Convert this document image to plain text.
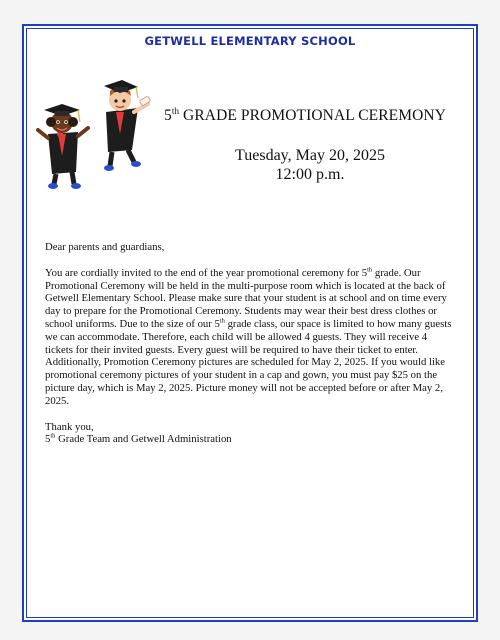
GETWELL ELEMENTARY SCHOOL
5th GRADE PROMOTIONAL CEREMONY
Tuesday, May 20, 2025
12:00 p.m.

Dear parents and guardians,

You are cordially invited to the end of the year promotional ceremony for 5th grade. Our Promotional Ceremony will be held in the multi-purpose room which is located at the back of Getwell Elementary School. Please make sure that your student is at school and on time every day to prepare for the Promotional Ceremony. Students may wear their best dress clothes or school uniforms. Due to the size of our 5th grade class, our space is limited to how many guests we can accommodate. Therefore, each child will be allowed 4 guests. They will receive 4 tickets for their invited guests. Every guest will be required to have their ticket to enter. Additionally, Promotion Ceremony pictures are scheduled for May 2, 2025. If you would like promotional ceremony pictures of your student in a cap and gown, you must pay $25 on the picture day, which is May 2, 2025. Picture money will not be accepted before or after May 2, 2025.

Thank you,

5th Grade Team and Getwell Administration
